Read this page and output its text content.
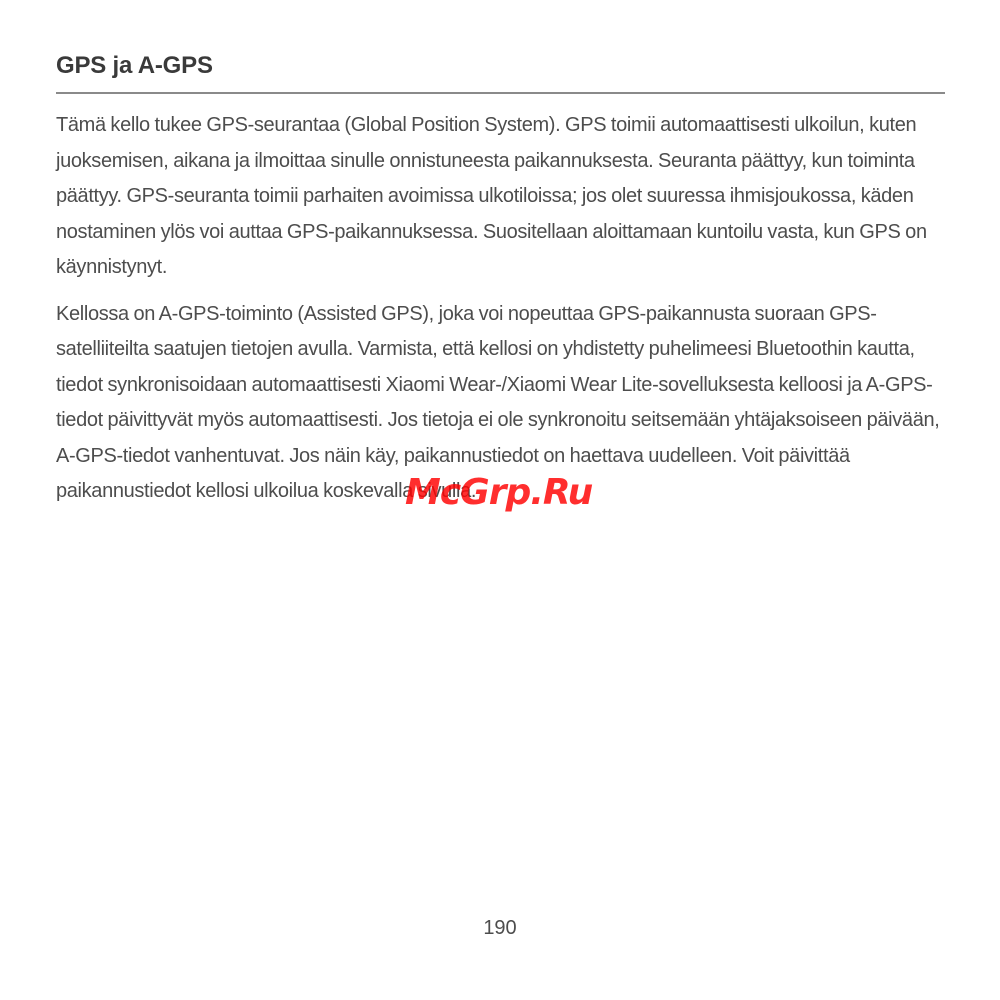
GPS ja A-GPS

Tämä kello tukee GPS-seurantaa (Global Position System). GPS toimii automaattisesti ulkoilun, kuten juoksemisen, aikana ja ilmoittaa sinulle onnistuneesta paikannuksesta. Seuranta päättyy, kun toiminta päättyy. GPS-seuranta toimii parhaiten avoimissa ulkotiloissa; jos olet suuressa ihmisjoukossa, käden nostaminen ylös voi auttaa GPS-paikannuksessa. Suositellaan aloittamaan kuntoilu vasta, kun GPS on käynnistynyt.

Kellossa on A-GPS-toiminto (Assisted GPS), joka voi nopeuttaa GPS-paikannusta suoraan GPS-satelliiteilta saatujen tietojen avulla. Varmista, että kellosi on yhdistetty puhelimeesi Bluetoothin kautta, tiedot synkronisoidaan automaattisesti Xiaomi Wear-/Xiaomi Wear Lite-sovelluksesta kelloosi ja A-GPS-tiedot päivittyvät myös automaattisesti. Jos tietoja ei ole synkronoitu seitsemään yhtäjaksoiseen päivään, A-GPS-tiedot vanhentuvat. Jos näin käy, paikannustiedot on haettava uudelleen. Voit päivittää paikannustiedot kellosi ulkoilua koskevalla sivulla.

McGrp.Ru
190
